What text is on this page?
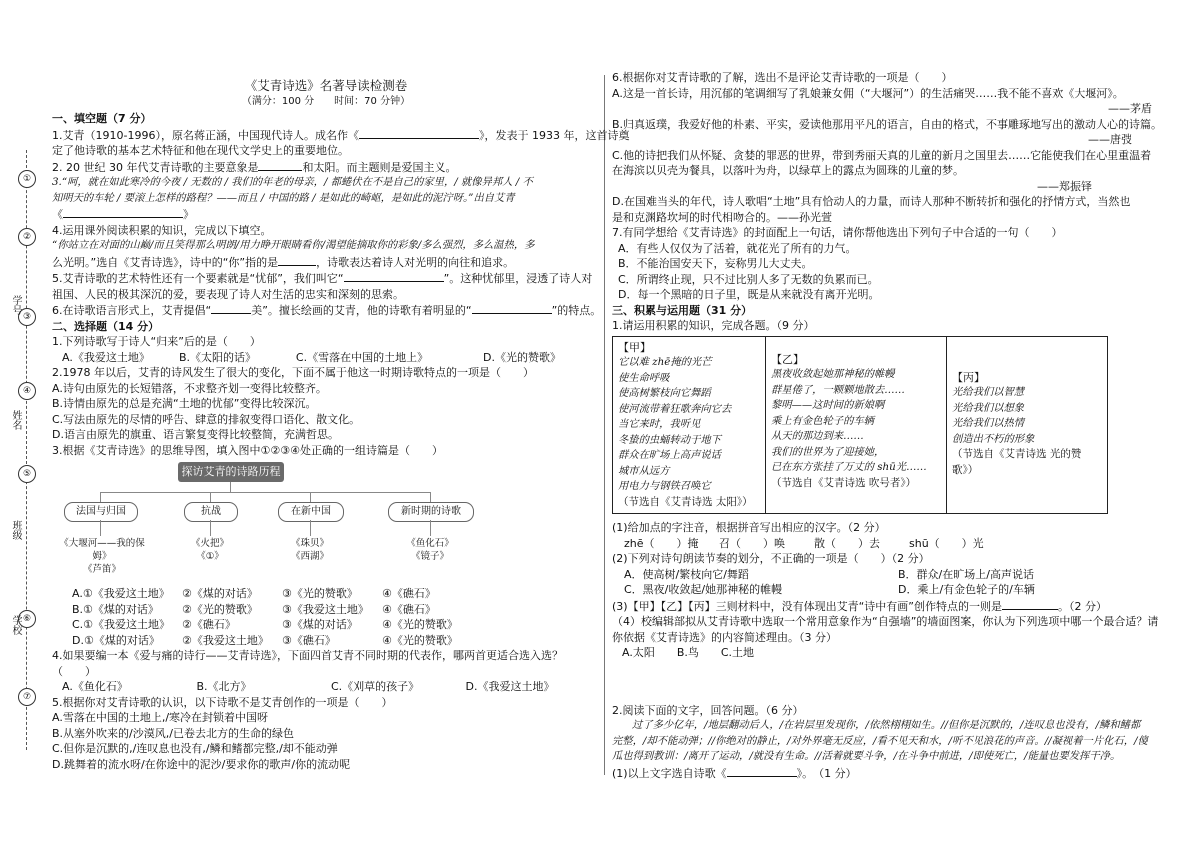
①
②
③
④
⑤
⑥
⑦
学号
姓名
班级
学校
《艾青诗选》名著导读检测卷
（满分：100 分　　时间：70 分钟）
一、填空题（7 分）
1.艾青（1910-1996），原名蒋正涵，中国现代诗人。成名作《	》，发表于 1933 年，这首诗奠
定了他诗歌的基本艺术特征和他在现代文学史上的重要地位。
2. 20 世纪 30 年代艾青诗歌的主要意象是	和太阳。而主题则是爱国主义。
3.“呵，就在如此寒冷的今夜 / 无数的 / 我们的年老的母亲，/ 都蜷伏在不是自己的家里，/ 就像异邦人 / 不
知明天的车轮 / 要滚上怎样的路程？——而且 / 中国的路 / 是如此的崎岖，是如此的泥泞呀。”出自艾青
《	》
4.运用课外阅读积累的知识，完成以下填空。
“你站立在对面的山巅/而且笑得那么明朗/用力睁开眼睛看你/渴望能摘取你的彩象/多么强烈，多么温热，多
么光明。”选自《艾青诗选》，诗中的“你”指的是	，诗歌表达着诗人对光明的向往和追求。
5.艾青诗歌的艺术特性还有一个要素就是“忧郁”，我们叫它“	”。这种忧郁里，浸透了诗人对
祖国、人民的极其深沉的爱，要表现了诗人对生活的忠实和深刻的思索。
6.在诗歌语言形式上，艾青提倡“	美”。擅长绘画的艾青，他的诗歌有着明显的“	”的特点。
二、选择题（14 分）
1.下列诗歌写于诗人“归来”后的是（　　）
A.《我爱这土地》	B.《太阳的话》	C.《雪落在中国的土地上》	D.《光的赞歌》
2.1978 年以后，艾青的诗风发生了很大的变化，下面不属于他这一时期诗歌特点的一项是（　　）
A.诗句由原先的长短错落，不求整齐划一变得比较整齐。
B.诗情由原先的总是充满“土地的忧郁”变得比较深沉。
C.写法由原先的尽情的呼告、肆意的排叙变得口语化、散文化。
D.语言由原先的旗重、语言繁复变得比较整简，充满哲思。
3.根据《艾青诗选》的思维导图，填入图中①②③④处正确的一组诗篇是（　　）
探访艾青的诗路历程
法国与归国	抗战	在新中国	新时期的诗歌
《大堰河——我的保姆》
《芦笛》
《火把》
《①》
《珠贝》
《西湖》
《鱼化石》
《镜子》
A.①《我爱这土地》	②《煤的对话》	③《光的赞歌》	④《礁石》
B.①《煤的对话》	②《光的赞歌》	③《我爱这土地》	④《礁石》
C.①《我爱这土地》	②《礁石》	③《煤的对话》	④《光的赞歌》
D.①《煤的对话》	②《我爱这土地》	③《礁石》	④《光的赞歌》
4.如果要编一本《爱与痛的诗行——艾青诗选》，下面四首艾青不同时期的代表作，哪两首更适合选入选？
（　　）
A.《鱼化石》	B.《北方》	C.《刈草的孩子》	D.《我爱这土地》
5.根据你对艾青诗歌的认识，以下诗歌不是艾青创作的一项是（　　）
A.雪落在中国的土地上,/寒冷在封锁着中国呀
B.从塞外吹来的/沙漠风,/已卷去北方的生命的绿色
C.但你是沉默的,/连叹息也没有,/鳞和鳍都完整,/却不能动弹
D.跳舞着的流水呀/在你途中的泥沙/要求你的歌声/你的流动呢
6.根据你对艾青诗歌的了解，选出不是评论艾青诗歌的一项是（　　）
A.这是一首长诗，用沉郁的笔调细写了乳娘兼女佣（“大堰河”）的生活痛哭……我不能不喜欢《大堰河》。
——茅盾
B.归真返璞，我爱好他的朴素、平实，爱读他那用平凡的语言，自由的格式，不事雕琢地写出的激动人心的诗篇。
——唐弢
C.他的诗把我们从怀疑、贪婪的罪恶的世界，带到秀丽天真的儿童的新月之国里去……它能使我们在心里重温着
在海滨以贝壳为餐具，以落叶为舟，以绿草上的露点为圆珠的儿童的梦。
——郑振铎
D.在国难当头的年代，诗人歌唱“土地”具有恰动人的力量，而诗人那种不断转折和强化的抒情方式，当然也
是和克渊路坎坷的时代相吻合的。——孙光萱
7.有同学想给《艾青诗选》的封面配上一句话，请你帮他选出下列句子中合适的一句（　　）
A．有些人仅仅为了活着，就花光了所有的力气。
B．不能治国安天下，妄称男儿大丈夫。
C．所谓终止现，只不过比别人多了无数的负累而已。
D．每一个黑暗的日子里，既是从来就没有离开光明。
三、积累与运用题（31 分）
1.请运用积累的知识，完成各题。（9 分）
【甲】
它以难 zhē掩的光芒
使生命呼吸
使高树繁枝向它舞蹈
使河流带着狂歌奔向它去
当它来时，我听见
冬蛰的虫蛹转动于地下
群众在旷场上高声说话
城市从远方
用电力与钢铁召唤它
（节选自《艾青诗选 太阳》）

【乙】
黑夜收敛起她那神秘的帷幔
群星倦了，一颗颗地散去……
黎明——这时间的新娘啊
乘上有金色轮子的车辆
从天的那边到来……
我们的世界为了迎接她，
已在东方张挂了万丈的 shū光……
（节选自《艾青诗选 吹号者》）

【丙】
光给我们以智慧
光给我们以想象
光给我们以热情
创造出不朽的形象
（节选自《艾青诗选 光的赞歌》）
(1)给加点的字注音，根据拼音写出相应的汉字。（2 分）
zhē（　　）掩	召（　　）唤	散（　　）去	shū（　　）光
(2)下列对诗句朗读节奏的划分，不正确的一项是（　　）（2 分）
A．使高树/繁枝向它/舞蹈	B．群众/在旷场上/高声说话
C．黑夜/收敛起/她那神秘的帷幔	D．乘上/有金色轮子的/车辆
(3)【甲】【乙】【丙】三则材料中，没有体现出艾青“诗中有画”创作特点的一则是	。（2 分）
（4）校编辑部拟从艾青诗歌中选取一个常用意象作为“自强墙”的墙面图案，你认为下列选项中哪一个最合适？请
你依据《艾青诗选》的内容简述理由。（3 分）
A.太阳 B.鸟 C.土地
2.阅读下面的文字，回答问题。（6 分）
过了多少亿年，/地层翻动后人，/在岩层里发现你，/依然栩栩如生。//但你是沉默的，/连叹息也没有，/鳞和鳍都
完整，/却不能动弹；//你绝对的静止，/对外界毫无反应，/看不见天和水，/听不见浪花的声音。//凝视着一片化石，/傻
瓜也得到教训：/离开了运动，/就没有生命。//活着就要斗争，/在斗争中前进，/即使死亡，/能量也要发挥干净。
(1)以上文字选自诗歌《	》。　（1 分）
